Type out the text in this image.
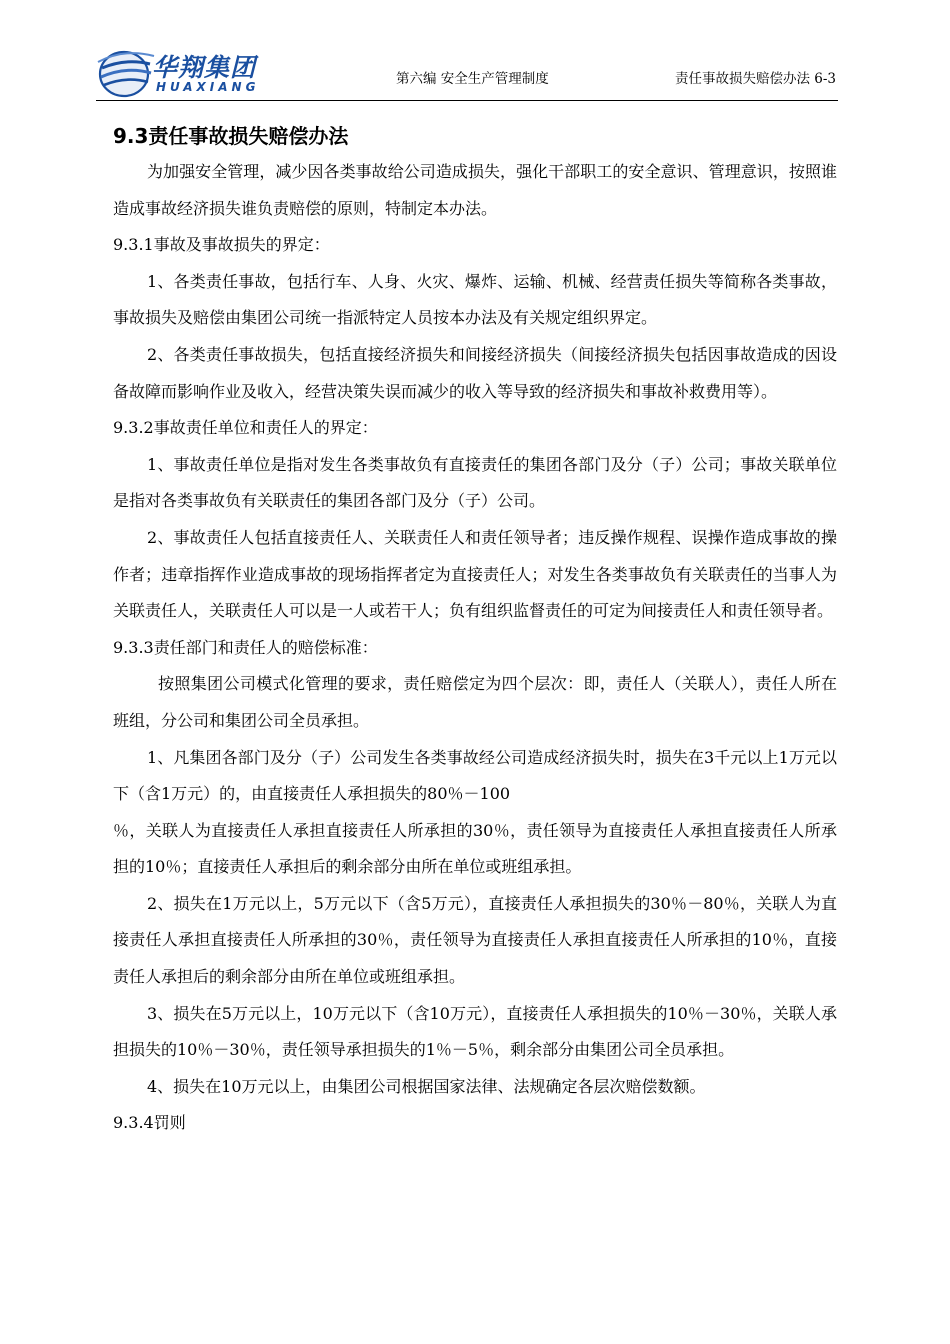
华翔集团
HUAXIANG	第六编 安全生产管理制度	责任事故损失赔偿办法 6-3
9.3责任事故损失赔偿办法

为加强安全管理，减少因各类事故给公司造成损失，强化干部职工的安全意识、管理意识，按照谁造成事故经济损失谁负责赔偿的原则，特制定本办法。

9.3.1事故及事故损失的界定：

1、各类责任事故，包括行车、人身、火灾、爆炸、运输、机械、经营责任损失等简称各类事故，事故损失及赔偿由集团公司统一指派特定人员按本办法及有关规定组织界定。

2、各类责任事故损失，包括直接经济损失和间接经济损失（间接经济损失包括因事故造成的因设备故障而影响作业及收入，经营决策失误而减少的收入等导致的经济损失和事故补救费用等）。

9.3.2事故责任单位和责任人的界定：

1、事故责任单位是指对发生各类事故负有直接责任的集团各部门及分（子）公司；事故关联单位是指对各类事故负有关联责任的集团各部门及分（子）公司。

2、事故责任人包括直接责任人、关联责任人和责任领导者；违反操作规程、误操作造成事故的操作者；违章指挥作业造成事故的现场指挥者定为直接责任人；对发生各类事故负有关联责任的当事人为关联责任人，关联责任人可以是一人或若干人；负有组织监督责任的可定为间接责任人和责任领导者。

9.3.3责任部门和责任人的赔偿标准：

按照集团公司模式化管理的要求，责任赔偿定为四个层次：即，责任人（关联人），责任人所在班组，分公司和集团公司全员承担。

1、凡集团各部门及分（子）公司发生各类事故经公司造成经济损失时，损失在3千元以上1万元以下（含1万元）的，由直接责任人承担损失的80％－100

％，关联人为直接责任人承担直接责任人所承担的30％，责任领导为直接责任人承担直接责任人所承担的10％；直接责任人承担后的剩余部分由所在单位或班组承担。

2、损失在1万元以上，5万元以下（含5万元），直接责任人承担损失的30％－80％，关联人为直接责任人承担直接责任人所承担的30％，责任领导为直接责任人承担直接责任人所承担的10％，直接责任人承担后的剩余部分由所在单位或班组承担。

3、损失在5万元以上，10万元以下（含10万元），直接责任人承担损失的10％－30％，关联人承担损失的10％－30％，责任领导承担损失的1％－5％，剩余部分由集团公司全员承担。

4、损失在10万元以上，由集团公司根据国家法律、法规确定各层次赔偿数额。

9.3.4罚则
